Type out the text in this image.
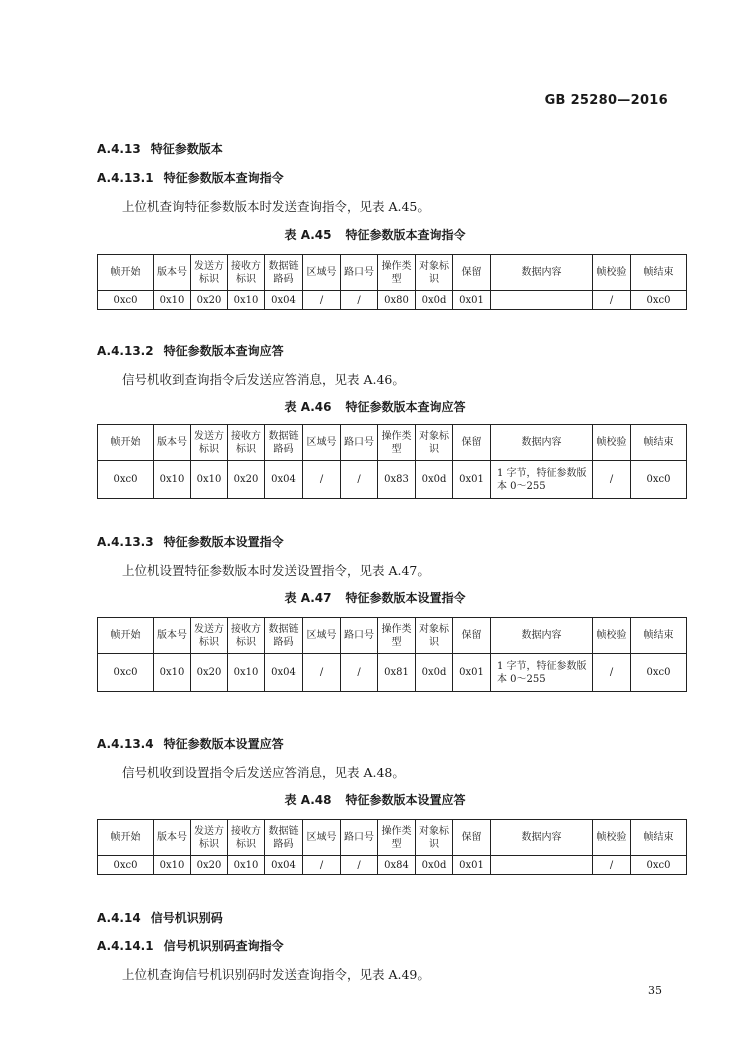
GB 25280—2016
A.4.13 特征参数版本
A.4.13.1 特征参数版本查询指令
上位机查询特征参数版本时发送查询指令，见表 A.45。
表 A.45 特征参数版本查询指令
帧开始	版本号	发送方标识	接收方标识	数据链路码	区域号	路口号	操作类型	对象标识	保留	数据内容	帧校验	帧结束
0xc0	0x10	0x20	0x10	0x04	/	/	0x80	0x0d	0x01		/	0xc0
A.4.13.2 特征参数版本查询应答
信号机收到查询指令后发送应答消息，见表 A.46。
表 A.46 特征参数版本查询应答
帧开始	版本号	发送方标识	接收方标识	数据链路码	区域号	路口号	操作类型	对象标识	保留	数据内容	帧校验	帧结束
0xc0	0x10	0x10	0x20	0x04	/	/	0x83	0x0d	0x01	1 字节，特征参数版本 0～255	/	0xc0
A.4.13.3 特征参数版本设置指令
上位机设置特征参数版本时发送设置指令，见表 A.47。
表 A.47 特征参数版本设置指令
帧开始	版本号	发送方标识	接收方标识	数据链路码	区域号	路口号	操作类型	对象标识	保留	数据内容	帧校验	帧结束
0xc0	0x10	0x20	0x10	0x04	/	/	0x81	0x0d	0x01	1 字节，特征参数版本 0～255	/	0xc0
A.4.13.4 特征参数版本设置应答
信号机收到设置指令后发送应答消息，见表 A.48。
表 A.48 特征参数版本设置应答
帧开始	版本号	发送方标识	接收方标识	数据链路码	区域号	路口号	操作类型	对象标识	保留	数据内容	帧校验	帧结束
0xc0	0x10	0x20	0x10	0x04	/	/	0x84	0x0d	0x01		/	0xc0
A.4.14 信号机识别码
A.4.14.1 信号机识别码查询指令
上位机查询信号机识别码时发送查询指令，见表 A.49。
35
